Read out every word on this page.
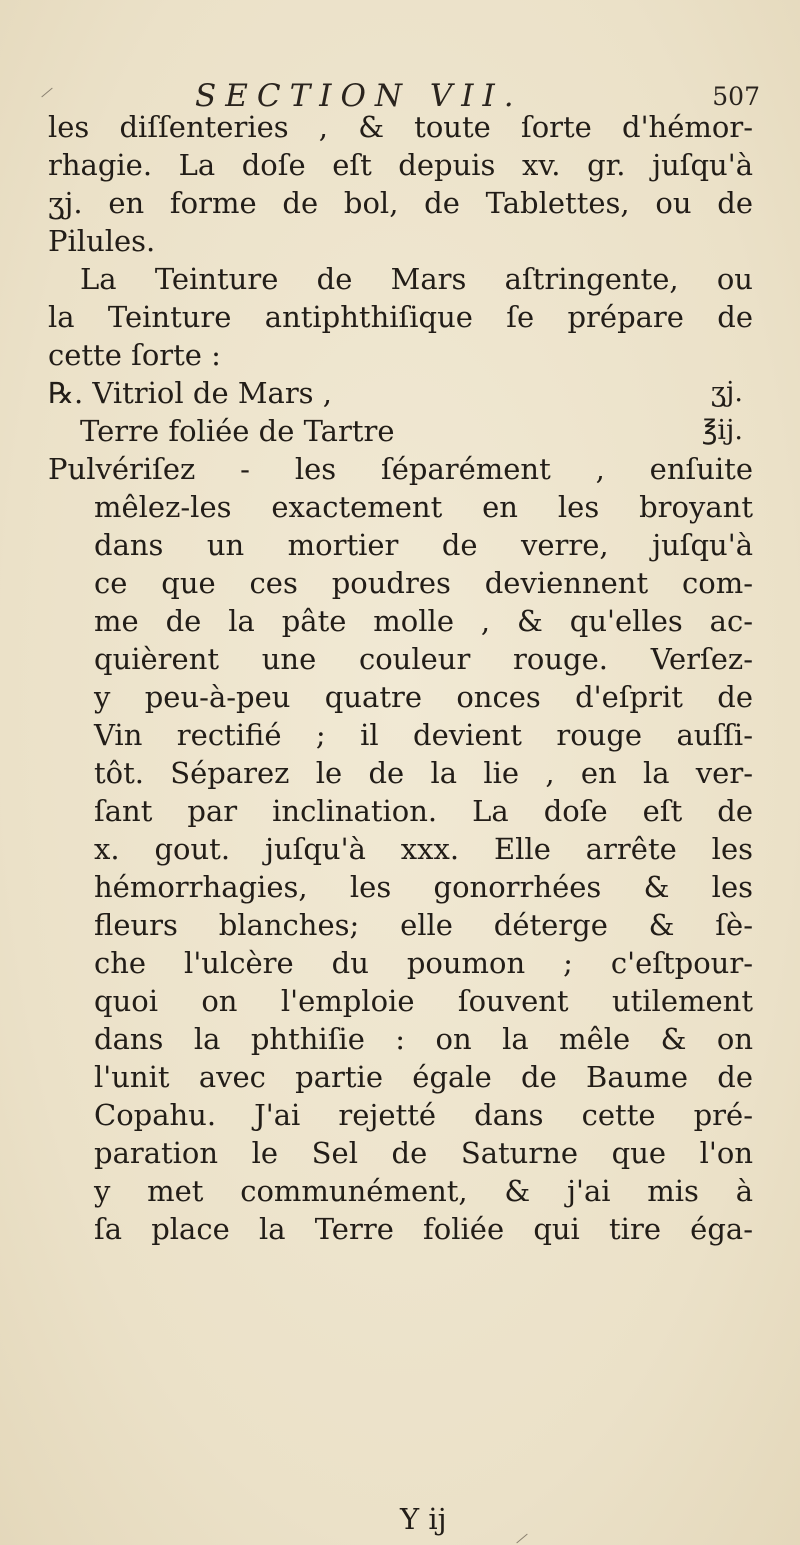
SECTION VII.	507
les diſſenteries , & toute ſorte d'hémor-
rhagie. La doſe eſt depuis xv. gr. juſqu'à
ʒj. en forme de bol, de Tablettes, ou de
Pilules.
La Teinture de Mars aſtringente, ou
la Teinture antiphthiſique ſe prépare de
cette ſorte :
℞. Vitriol de Mars ,	ʒj.
Terre foliée de Tartre	℥ij.
Pulvériſez - les ſéparément , enſuite
mêlez-les exactement en les broyant
dans un mortier de verre, juſqu'à
ce que ces poudres deviennent com-
me de la pâte molle , & qu'elles ac-
quièrent une couleur rouge. Verſez-
y peu-à-peu quatre onces d'eſprit de
Vin rectifié ; il devient rouge auſſi-
tôt. Séparez le de la lie , en la ver-
ſant par inclination. La doſe eſt de
x. gout. juſqu'à xxx. Elle arrête les
hémorrhagies, les gonorrhées & les
fleurs blanches; elle déterge & ſè-
che l'ulcère du poumon ; c'eſtpour-
quoi on l'emploie ſouvent utilement
dans la phthiſie : on la mêle & on
l'unit avec partie égale de Baume de
Copahu. J'ai rejetté dans cette pré-
paration le Sel de Saturne que l'on
y met communément, & j'ai mis à
ſa place la Terre foliée qui tire éga-
Y ij
